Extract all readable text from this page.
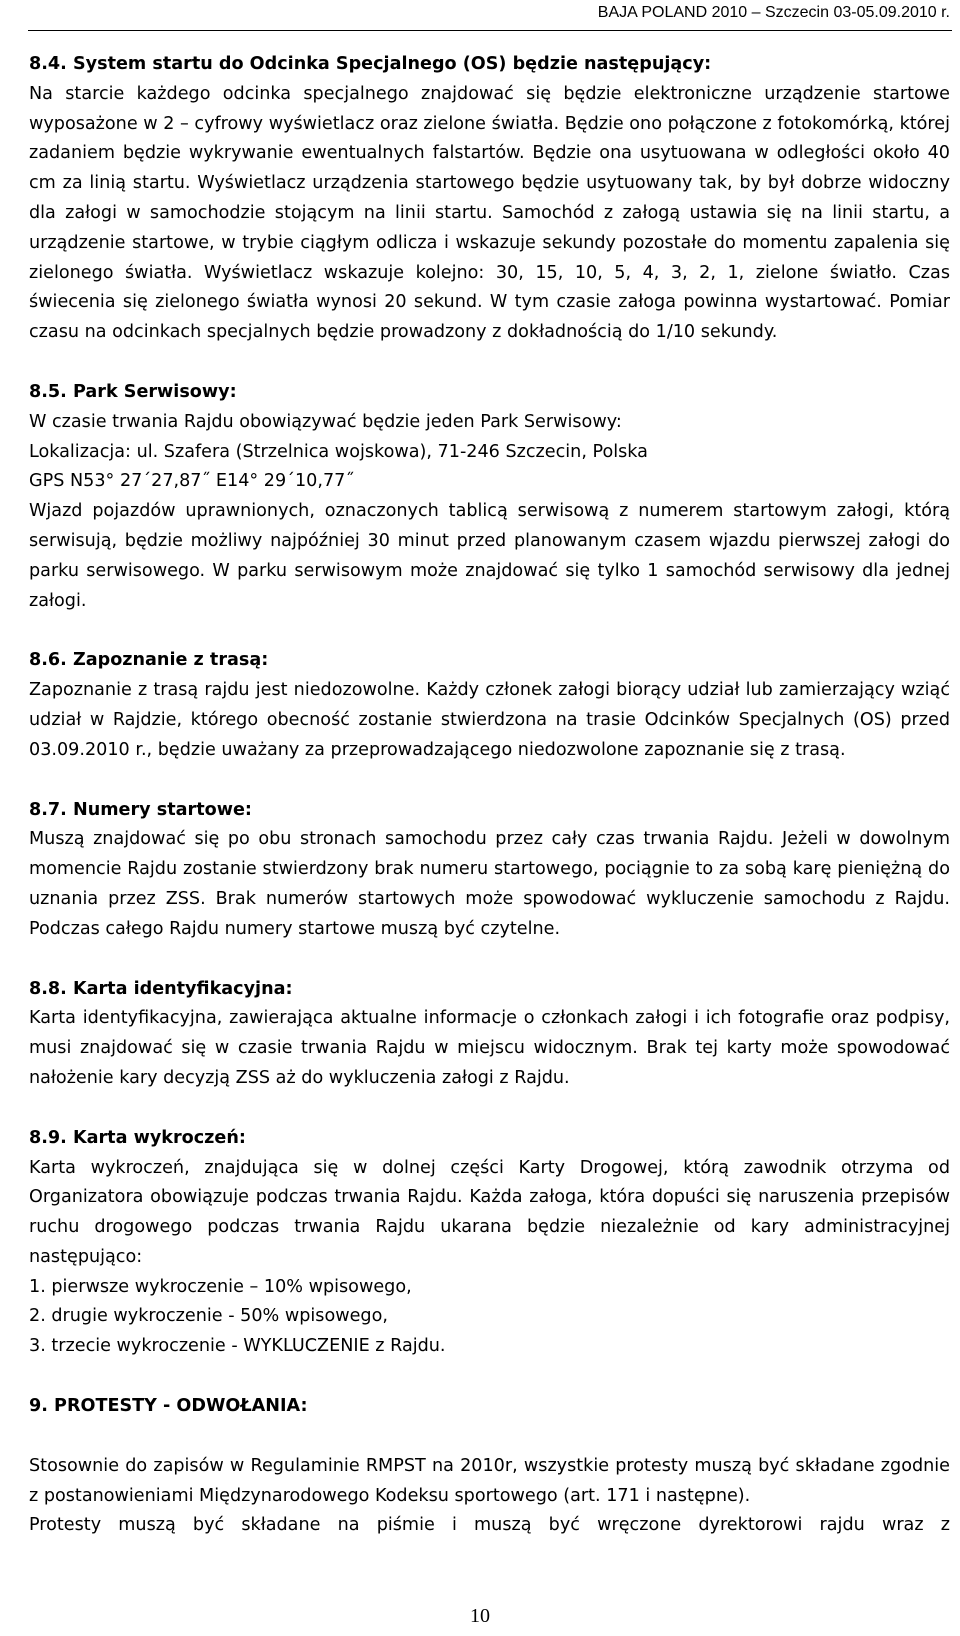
BAJA POLAND 2010 – Szczecin 03-05.09.2010 r.
8.4. System startu do Odcinka Specjalnego (OS) będzie następujący:

Na starcie każdego odcinka specjalnego znajdować się będzie elektroniczne urządzenie startowe wyposażone w 2 – cyfrowy wyświetlacz oraz zielone światła. Będzie ono połączone z fotokomórką, której zadaniem będzie wykrywanie ewentualnych falstartów. Będzie ona usytuowana w odległości około 40 cm za linią startu. Wyświetlacz urządzenia startowego będzie usytuowany tak, by był dobrze widoczny dla załogi w samochodzie stojącym na linii startu. Samochód z załogą ustawia się na linii startu, a urządzenie startowe, w trybie ciągłym odlicza i wskazuje sekundy pozostałe do momentu zapalenia się zielonego światła. Wyświetlacz wskazuje kolejno: 30, 15, 10, 5, 4, 3, 2, 1, zielone światło. Czas świecenia się zielonego światła wynosi 20 sekund. W tym czasie załoga powinna wystartować. Pomiar czasu na odcinkach specjalnych będzie prowadzony z dokładnością do 1/10 sekundy.

8.5. Park Serwisowy:
W czasie trwania Rajdu obowiązywać będzie jeden Park Serwisowy:
Lokalizacja: ul. Szafera (Strzelnica wojskowa), 71-246 Szczecin, Polska
GPS N53° 27´27,87˝ E14° 29´10,77˝

Wjazd pojazdów uprawnionych, oznaczonych tablicą serwisową z numerem startowym załogi, którą serwisują, będzie możliwy najpóźniej 30 minut przed planowanym czasem wjazdu pierwszej załogi do parku serwisowego. W parku serwisowym może znajdować się tylko 1 samochód serwisowy dla jednej załogi.

8.6. Zapoznanie z trasą:

Zapoznanie z trasą rajdu jest niedozowolne. Każdy członek załogi biorący udział lub zamierzający wziąć udział w Rajdzie, którego obecność zostanie stwierdzona na trasie Odcinków Specjalnych (OS) przed 03.09.2010 r., będzie uważany za przeprowadzającego niedozwolone zapoznanie się z trasą.

8.7. Numery startowe:

Muszą znajdować się po obu stronach samochodu przez cały czas trwania Rajdu. Jeżeli w dowolnym momencie Rajdu zostanie stwierdzony brak numeru startowego, pociągnie to za sobą karę pieniężną do uznania przez ZSS. Brak numerów startowych może spowodować wykluczenie samochodu z Rajdu. Podczas całego Rajdu numery startowe muszą być czytelne.

8.8. Karta identyfikacyjna:

Karta identyfikacyjna, zawierająca aktualne informacje o członkach załogi i ich fotografie oraz podpisy, musi znajdować się w czasie trwania Rajdu w miejscu widocznym. Brak tej karty może spowodować nałożenie kary decyzją ZSS aż do wykluczenia załogi z Rajdu.

8.9. Karta wykroczeń:

Karta wykroczeń, znajdująca się w dolnej części Karty Drogowej, którą zawodnik otrzyma od Organizatora obowiązuje podczas trwania Rajdu. Każda załoga, która dopuści się naruszenia przepisów ruchu drogowego podczas trwania Rajdu ukarana będzie niezależnie od kary administracyjnej następująco:

1. pierwsze wykroczenie – 10% wpisowego,
2. drugie wykroczenie - 50% wpisowego,
3. trzecie wykroczenie - WYKLUCZENIE z Rajdu.
9. PROTESTY - ODWOŁANIA:

Stosownie do zapisów w Regulaminie RMPST na 2010r, wszystkie protesty muszą być składane zgodnie z postanowieniami Międzynarodowego Kodeksu sportowego (art. 171 i następne).

Protesty muszą być składane na piśmie i muszą być wręczone dyrektorowi rajdu wraz z

10
